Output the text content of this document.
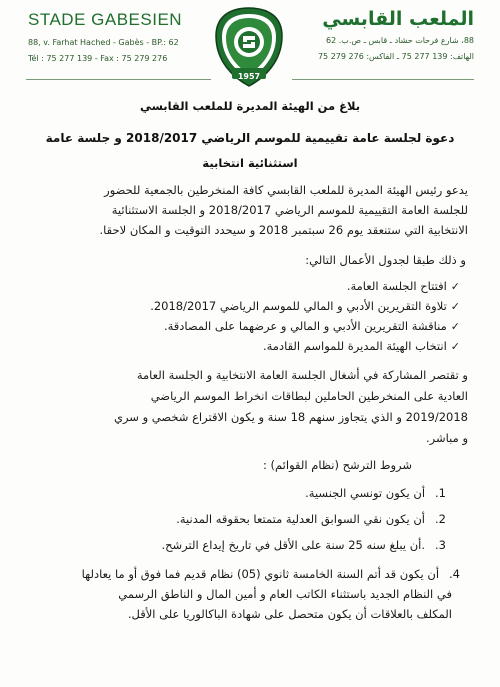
STADE GABESIEN
88, v. Farhat Hached - Gabès - BP.: 62
Tél : 75 277 139 - Fax : 75 279 276
1957
الملعب القابسي
88، شارع فرحات حشاد ـ قابس ـ ص.ب. 62
الهاتف: 139 277 75 ـ الفاكس: 276 279 75
بلاغ من الهيئة المديرة للملعب القابسي
دعوة لجلسة عامة تقييمية للموسم الرياضي 2018/2017 و جلسة عامة
استثنائية انتخابية
يدعو رئيس الهيئة المديرة للملعب القابسي كافة المنخرطين بالجمعية للحضور
للجلسة العامة التقييمية للموسم الرياضي 2018/2017 و الجلسة الاستثنائية
الانتخابية التي ستنعقد يوم 26 سبتمبر 2018 و سيحدد التوقيت و المكان لاحقا.
و ذلك طبقا لجدول الأعمال التالي:
✓افتتاح الجلسة العامة.
✓تلاوة التقريرين الأدبي و المالي للموسم الرياضي 2018/2017.
✓مناقشة التقريرين الأدبي و المالي و عرضهما على المصادقة.
✓انتخاب الهيئة المديرة للمواسم القادمة.
و تقتصر المشاركة في أشغال الجلسة العامة الانتخابية و الجلسة العامة
العادية على المنخرطين الحاملين لبطاقات انخراط الموسم الرياضي
2019/2018 و الذي يتجاوز سنهم 18 سنة و يكون الاقتراع شخصي و سري
و مباشر.
شروط الترشح (نظام القوائم) :
1.أن يكون تونسي الجنسية.
2.أن يكون نقي السوابق العدلية متمتعا بحقوقه المدنية.
3..أن يبلغ سنه 25 سنة على الأقل في تاريخ إيداع الترشح.
4.أن يكون قد أتم السنة الخامسة ثانوي (05) نظام قديم فما فوق أو ما يعادلها
في النظام الجديد باستثناء الكاتب العام و أمين المال و الناطق الرسمي
المكلف بالعلاقات أن يكون متحصل على شهادة الباكالوريا على الأقل.
